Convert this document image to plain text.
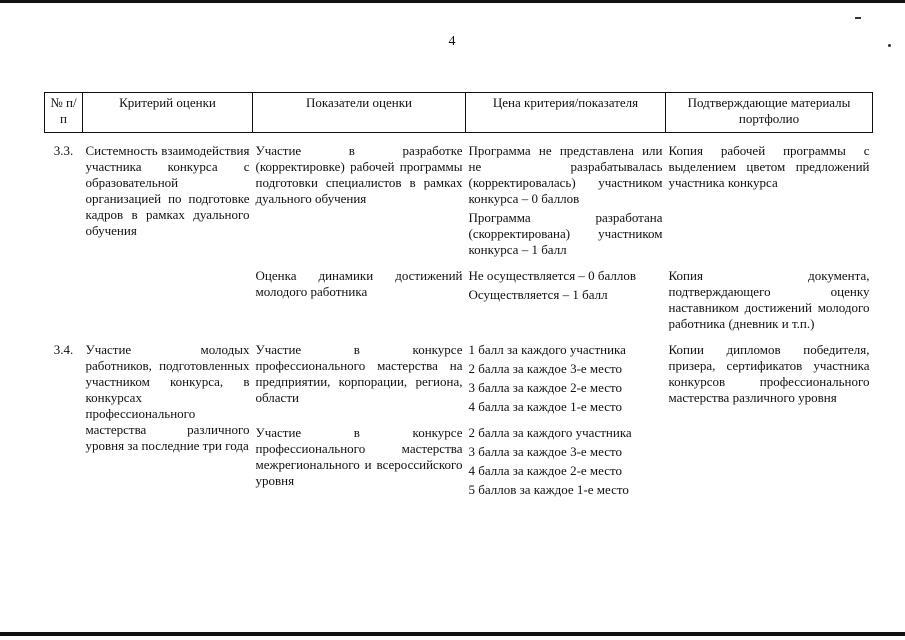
4
№ п/п	Критерий оценки	Показатели оценки	Цена критерия/показателя	Подтверждающие материалы портфолио

3.3.	Системность взаимодействия участника конкурса с образовательной организацией по подготовке кадров в рамках дуального обучения	Участие в разработке (корректировке) рабочей программы подготовки специалистов в рамках дуального обучения	Программа не представлена или не разрабатывалась (корректировалась) участником конкурса – 0 баллов
Программа разработана (скорректирована) участником конкурса – 1 балл	Копия рабочей программы с выделением цветом предложений участника конкурса
		Оценка динамики достижений молодого работника	Не осуществляется – 0 баллов
Осуществляется – 1 балл	Копия документа, подтверждающего оценку наставником достижений молодого работника (дневник и т.п.)

3.4.	Участие молодых работников, подготовленных участником конкурса, в конкурсах профессионального мастерства различного уровня за последние три года	Участие в конкурсе профессионального мастерства на предприятии, корпорации, региона, области	1 балл за каждого участника
2 балла за каждое 3-е место
3 балла за каждое 2-е место
4 балла за каждое 1-е место	Копии дипломов победителя, призера, сертификатов участника конкурсов профессионального мастерства различного уровня
		Участие в конкурсе профессионального мастерства межрегионального и всероссийского уровня	2 балла за каждого участника
3 балла за каждое 3-е место
4 балла за каждое 2-е место
5 баллов за каждое 1-е место	
